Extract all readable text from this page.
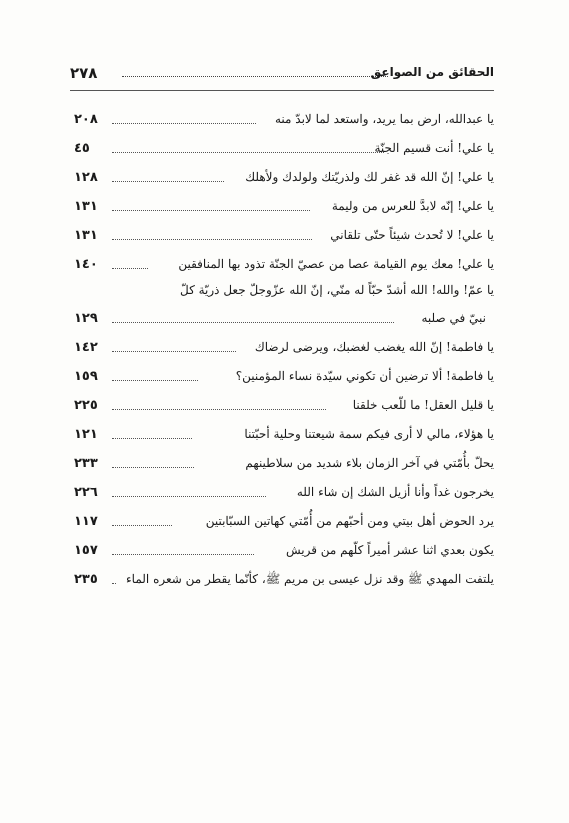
٢٧٨	الحقائق من الصواعق
٢٠٨	يا عبدالله، ارض بما يريد، واستعد لما لابدّ منه
٤٥	يا علي! أنت قسيم الجنّة
١٢٨	يا علي! إنّ الله قد غفر لك ولذريّتك ولولدك ولأهلك
١٣١	يا علي! إنّه لابدَّ للعرس من وليمة
١٣١	يا علي! لا تُحدث شيئاً حتّى تلقاني
١٤٠	يا علي! معك يوم القيامة عصا من عصيّ الجنّة تذود بها المنافقين
يا عمّ! والله! الله أشدّ حبّاً له منّي، إنّ الله عزّوجلّ جعل ذريّة كلّ
١٢٩	نبيّ في صلبه
١٤٢	يا فاطمة! إنّ الله يغضب لغضبك، ويرضى لرضاك
١٥٩	يا فاطمة! ألا ترضين أن تكوني سيّدة نساء المؤمنين؟
٢٢٥	يا قليل العقل! ما للّعب خلقنا
١٢١	يا هؤلاء، مالي لا أرى فيكم سمة شيعتنا وحلية أحبّتنا
٢٣٣	يحلّ بأُمّتي في آخر الزمان بلاء شديد من سلاطينهم
٢٢٦	يخرجون غداً وأنا أزيل الشك إن شاء الله
١١٧	يرد الحوض أهل بيتي ومن أحبّهم من أُمّتي كهاتين السبّابتين
١٥٧	يكون بعدي اثنا عشر أميراً كلّهم من قريش
٢٣٥ يلتفت المهدي ﷺ وقد نزل عيسى بن مريم ﷺ، كأنّما يقطر من شعره الماء
